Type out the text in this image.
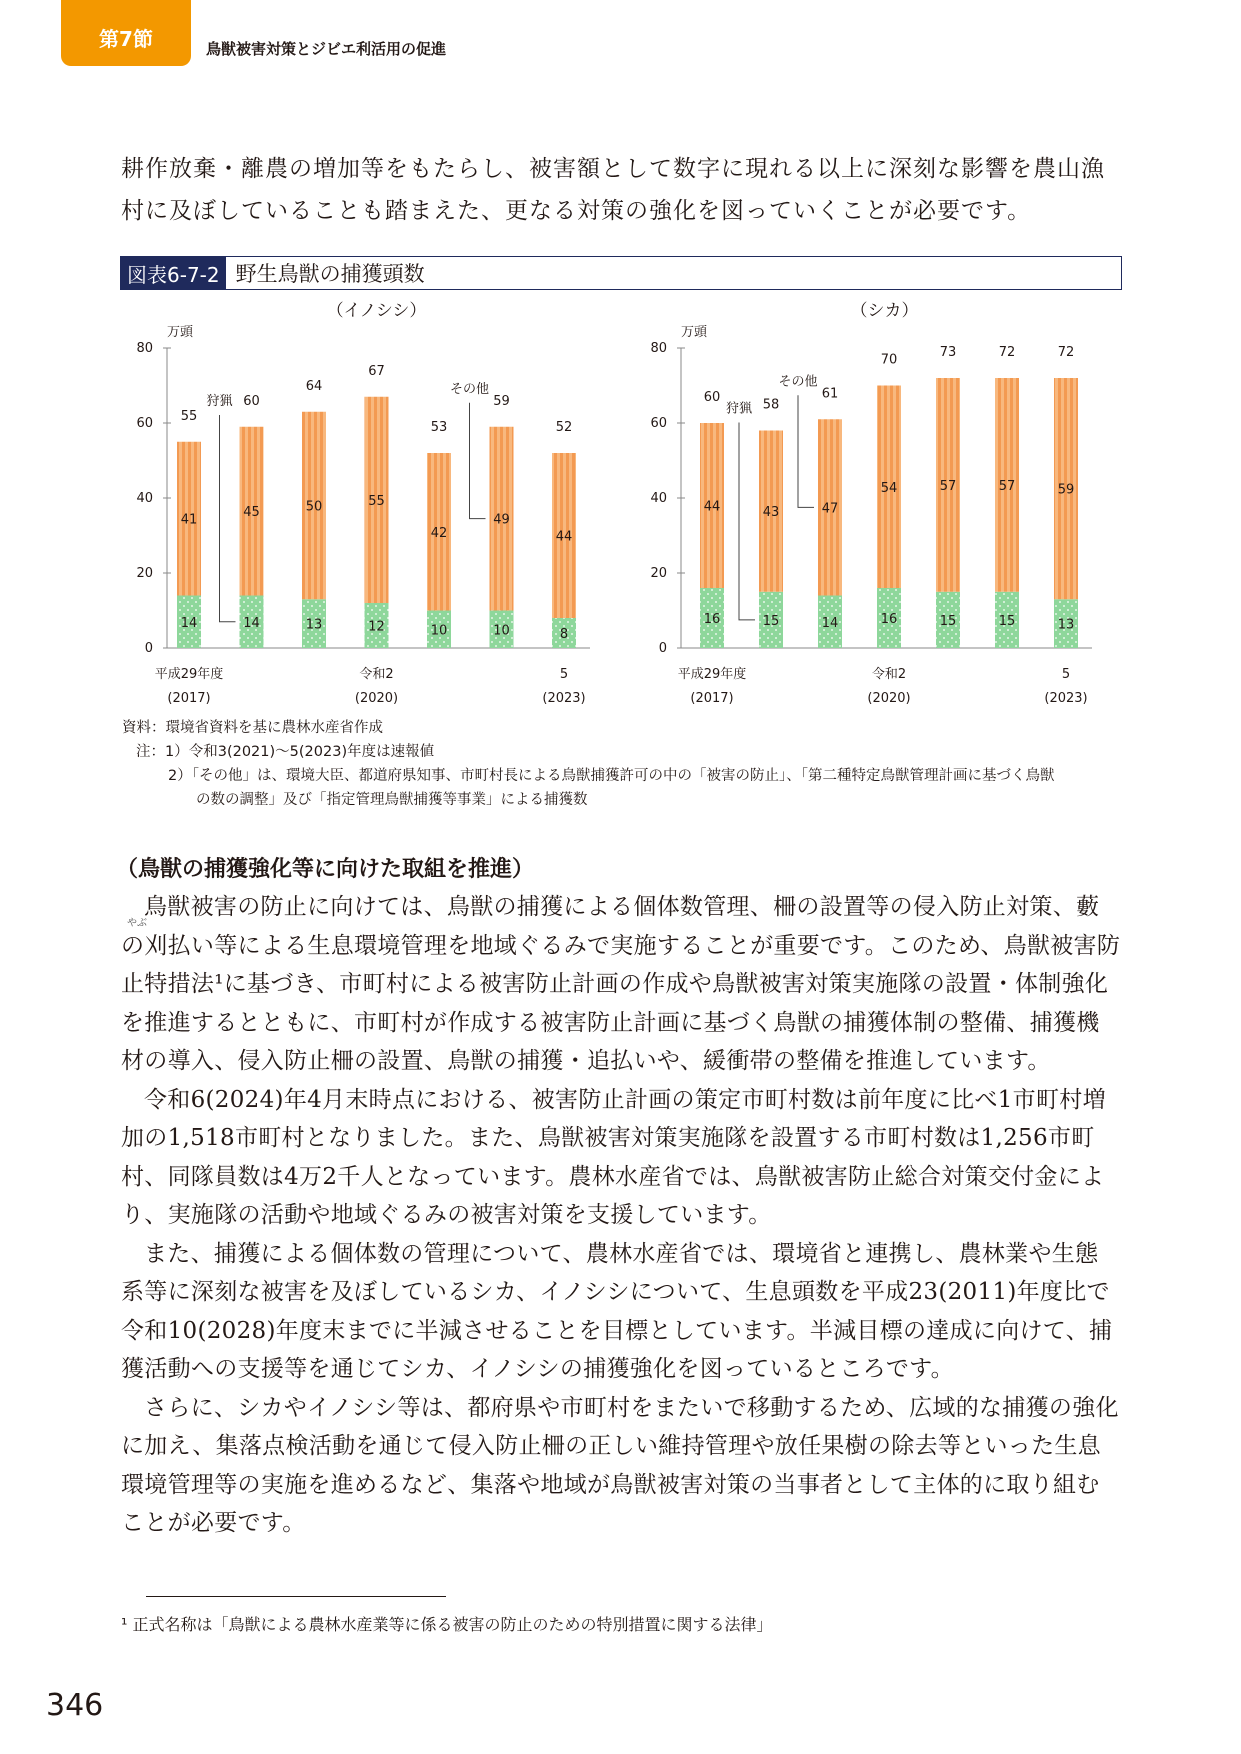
第7節	鳥獣被害対策とジビエ利活用の促進

耕作放棄・離農の増加等をもたらし、被害額として数字に現れる以上に深刻な影響を農山漁村に及ぼしていることも踏まえた、更なる対策の強化を図っていくことが必要です。

図表6-7-2 野生鳥獣の捕獲頭数
（イノシシ）
万頭
0
20
40
60
80
14
41
55
平成29年度
(2017)
14
45
60
13
50
64
12
55
67
令和2
(2020)
10
42
53
10
49
59
8
44
52
5
(2023)
狩猟
その他
（シカ）
万頭
0
20
40
60
80
16
44
60
平成29年度
(2017)
15
43
58
14
47
61
16
54
70
令和2
(2020)
15
57
73
15
57
72
13
59
72
5
(2023)
狩猟
その他
資料：環境省資料を基に農林水産省作成
注：1）令和3(2021)～5(2023)年度は速報値
2）「その他」は、環境大臣、都道府県知事、市町村長による鳥獣捕獲許可の中の「被害の防止」、「第二種特定鳥獣管理計画に基づく鳥獣
の数の調整」及び「指定管理鳥獣捕獲等事業」による捕獲数
（鳥獣の捕獲強化等に向けた取組を推進）
やぶ

鳥獣被害の防止に向けては、鳥獣の捕獲による個体数管理、柵の設置等の侵入防止対策、藪の刈払い等による生息環境管理を地域ぐるみで実施することが重要です。このため、鳥獣被害防止特措法¹に基づき、市町村による被害防止計画の作成や鳥獣被害対策実施隊の設置・体制強化を推進するとともに、市町村が作成する被害防止計画に基づく鳥獣の捕獲体制の整備、捕獲機材の導入、侵入防止柵の設置、鳥獣の捕獲・追払いや、緩衝帯の整備を推進しています。

令和6(2024)年4月末時点における、被害防止計画の策定市町村数は前年度に比べ1市町村増加の1,518市町村となりました。また、鳥獣被害対策実施隊を設置する市町村数は1,256市町村、同隊員数は4万2千人となっています。農林水産省では、鳥獣被害防止総合対策交付金により、実施隊の活動や地域ぐるみの被害対策を支援しています。

また、捕獲による個体数の管理について、農林水産省では、環境省と連携し、農林業や生態系等に深刻な被害を及ぼしているシカ、イノシシについて、生息頭数を平成23(2011)年度比で令和10(2028)年度末までに半減させることを目標としています。半減目標の達成に向けて、捕獲活動への支援等を通じてシカ、イノシシの捕獲強化を図っているところです。

さらに、シカやイノシシ等は、都府県や市町村をまたいで移動するため、広域的な捕獲の強化に加え、集落点検活動を通じて侵入防止柵の正しい維持管理や放任果樹の除去等といった生息環境管理等の実施を進めるなど、集落や地域が鳥獣被害対策の当事者として主体的に取り組むことが必要です。

¹ 正式名称は「鳥獣による農林水産業等に係る被害の防止のための特別措置に関する法律」
346
